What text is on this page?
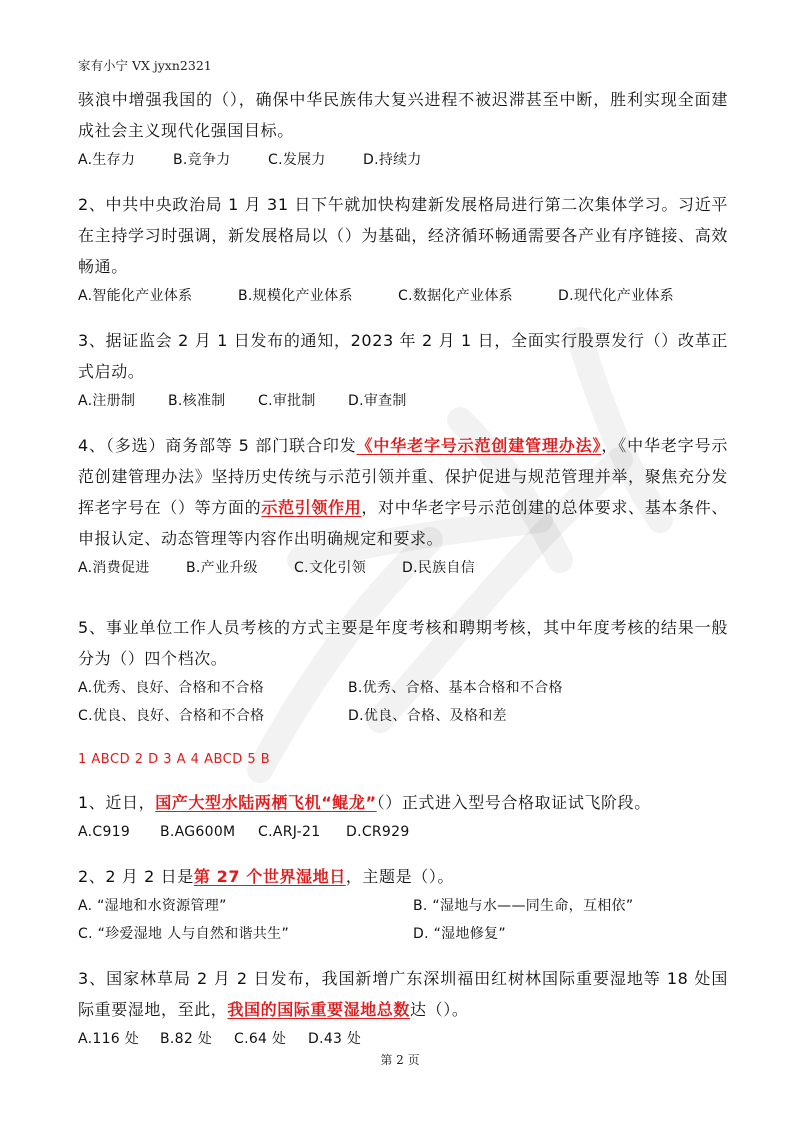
家有小宁 VX jyxn2321

骇浪中增强我国的（），确保中华民族伟大复兴进程不被迟滞甚至中断，胜利实现全面建成社会主义现代化强国目标。

A.生存力	B.竞争力	C.发展力	D.持续力

2、中共中央政治局 1 月 31 日下午就加快构建新发展格局进行第二次集体学习。习近平在主持学习时强调，新发展格局以（）为基础，经济循环畅通需要各产业有序链接、高效畅通。

A.智能化产业体系	B.规模化产业体系	C.数据化产业体系	D.现代化产业体系

3、据证监会 2 月 1 日发布的通知，2023 年 2 月 1 日，全面实行股票发行（）改革正式启动。

A.注册制 B.核准制 C.审批制 D.审查制

4、（多选）商务部等 5 部门联合印发《中华老字号示范创建管理办法》，《中华老字号示范创建管理办法》坚持历史传统与示范引领并重、保护促进与规范管理并举，聚焦充分发挥老字号在（）等方面的示范引领作用，对中华老字号示范创建的总体要求、基本条件、申报认定、动态管理等内容作出明确规定和要求。

A.消费促进	B.产业升级	C.文化引领	D.民族自信

5、事业单位工作人员考核的方式主要是年度考核和聘期考核，其中年度考核的结果一般分为（）四个档次。

A.优秀、良好、合格和不合格	B.优秀、合格、基本合格和不合格
C.优良、良好、合格和不合格	D.优良、合格、及格和差

1 ABCD 2 D 3 A 4 ABCD 5 B

1、近日，国产大型水陆两栖飞机“鲲龙”（）正式进入型号合格取证试飞阶段。

A.C919 B.AG600M C.ARJ-21 D.CR929

2、2 月 2 日是第 27 个世界湿地日，主题是（）。

A. “湿地和水资源管理”	B. “湿地与水——同生命，互相依”
C. “珍爱湿地 人与自然和谐共生”	D. “湿地修复”

3、国家林草局 2 月 2 日发布，我国新增广东深圳福田红树林国际重要湿地等 18 处国际重要湿地，至此，我国的国际重要湿地总数达（）。

A.116 处 B.82 处 C.64 处 D.43 处
第 2 页
